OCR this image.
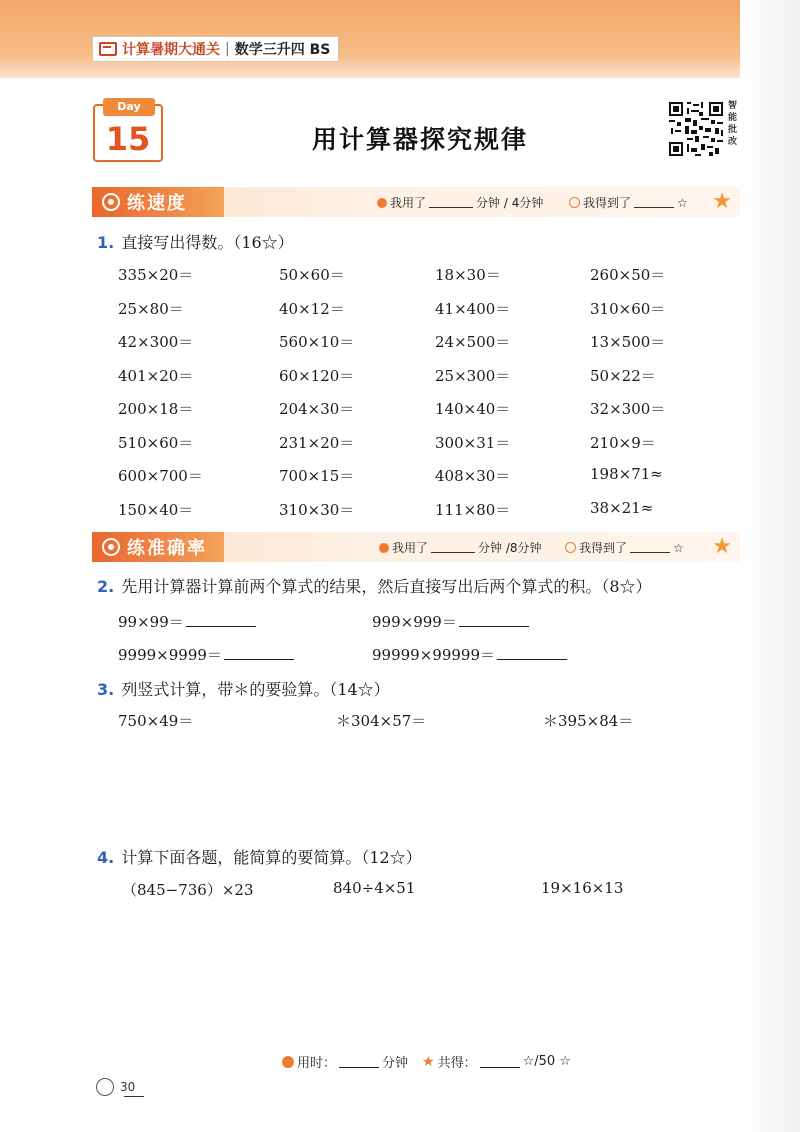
计算暑期大通关 | 数学三升四 BS
Day
15	用计算器探究规律
智能批改
练速度	我用了	分钟 / 4分钟	我得到了	☆ ★
1. 直接写出得数。（16☆）
335×20＝	50×60＝	18×30＝	260×50＝
25×80＝	40×12＝	41×400＝	310×60＝
42×300＝	560×10＝	24×500＝	13×500＝
401×20＝	60×120＝	25×300＝	50×22＝
200×18＝	204×30＝	140×40＝	32×300＝
510×60＝	231×20＝	300×31＝	210×9＝
600×700＝	700×15＝	408×30＝	198×71≈
150×40＝	310×30＝	111×80＝	38×21≈
练准确率	我用了	分钟 /8分钟	我得到了	☆ ★
2. 先用计算器计算前两个算式的结果，然后直接写出后两个算式的积。（8☆）
99×99＝	999×999＝
9999×9999＝	99999×99999＝
3. 列竖式计算，带＊的要验算。（14☆）
750×49＝	＊304×57＝	＊395×84＝
4. 计算下面各题，能简算的要简算。（12☆）
（845−736）×23	840÷4×51	19×16×13
用时：	分钟 ★ 共得：	☆/50 ☆
30
